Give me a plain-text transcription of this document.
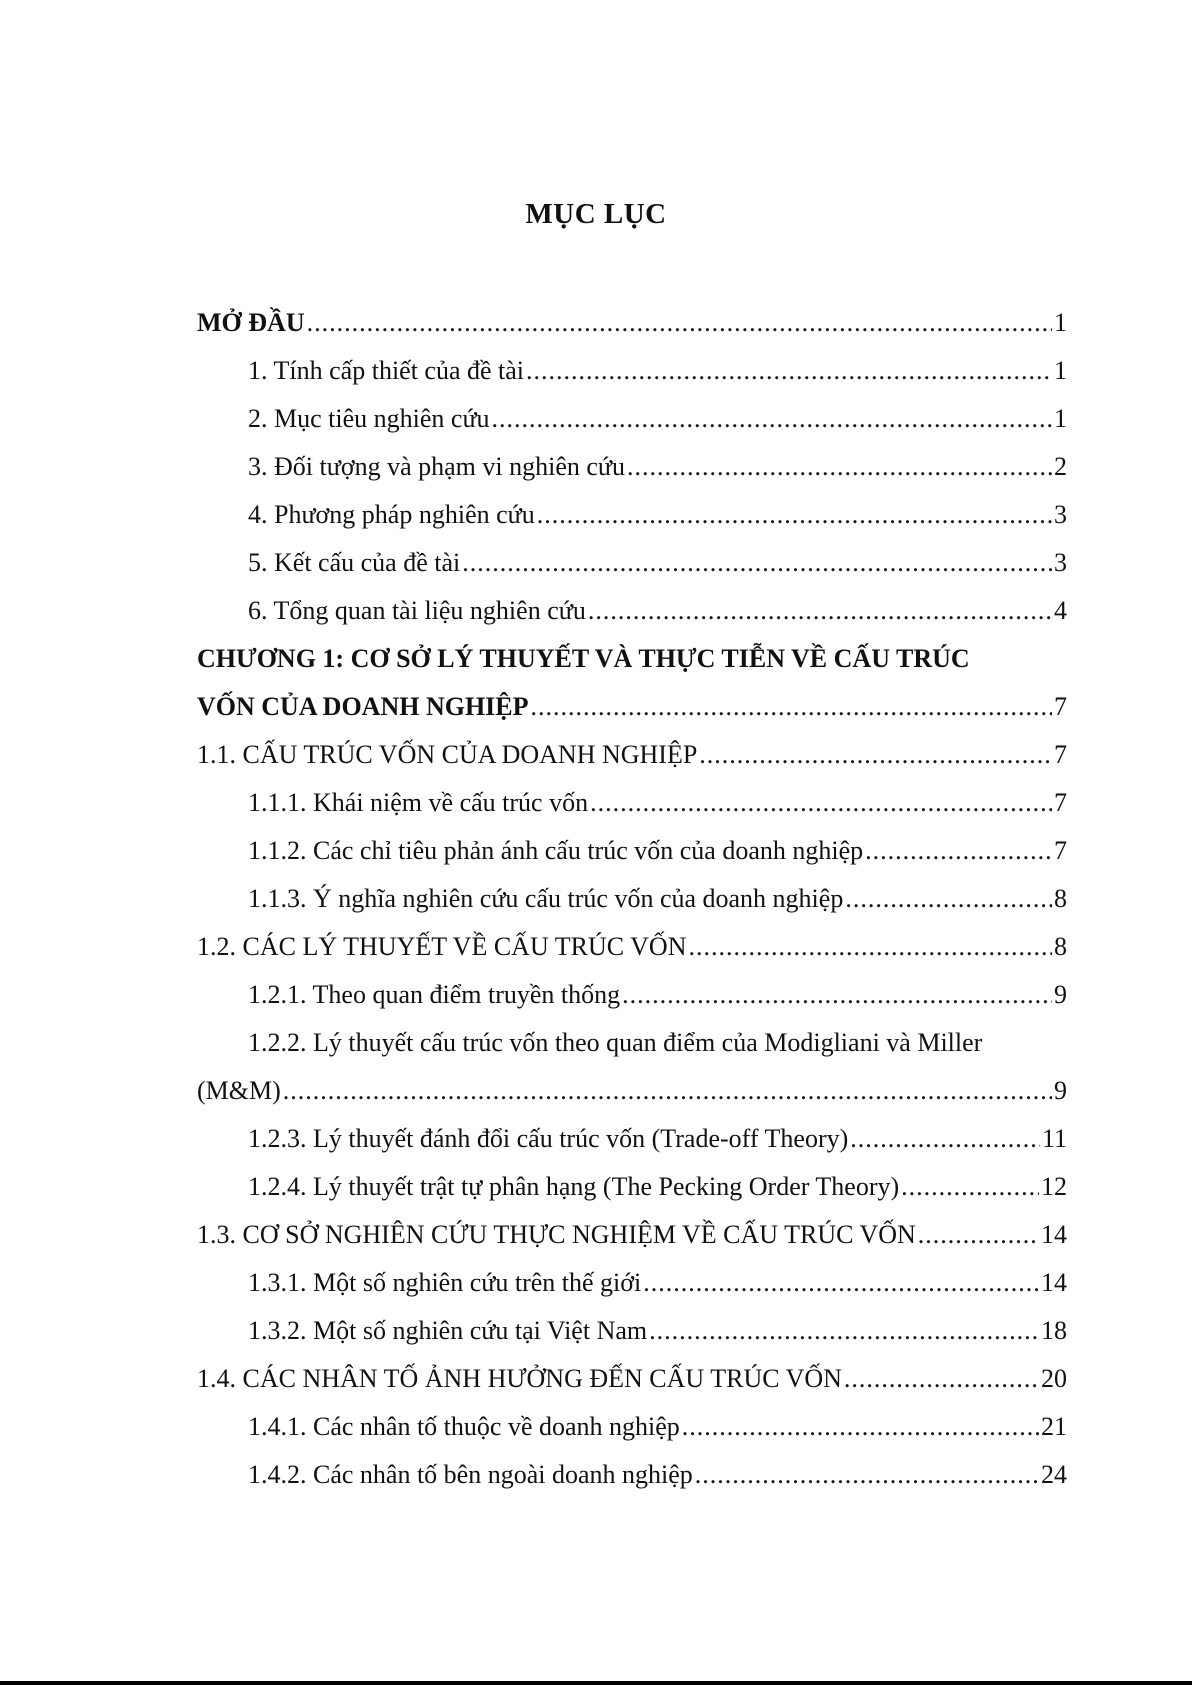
MỤC LỤC
MỞ ĐẦU .....	1
1. Tính cấp thiết của đề tài .....	1
2. Mục tiêu nghiên cứu .....	1
3. Đối tượng và phạm vi nghiên cứu .....	2
4. Phương pháp nghiên cứu .....	3
5. Kết cấu của đề tài .....	3
6. Tổng quan tài liệu nghiên cứu .....	4
CHƯƠNG 1: CƠ SỞ LÝ THUYẾT VÀ THỰC TIỄN VỀ CẤU TRÚC
VỐN CỦA DOANH NGHIỆP .....	7
1.1. CẤU TRÚC VỐN CỦA DOANH NGHIỆP .....	7
1.1.1. Khái niệm về cấu trúc vốn .....	7
1.1.2. Các chỉ tiêu phản ánh cấu trúc vốn của doanh nghiệp .....	7
1.1.3. Ý nghĩa nghiên cứu cấu trúc vốn của doanh nghiệp .....	8
1.2. CÁC LÝ THUYẾT VỀ CẤU TRÚC VỐN .....	8
1.2.1. Theo quan điểm truyền thống .....	9
1.2.2. Lý thuyết cấu trúc vốn theo quan điểm của Modigliani và Miller
(M&M) .....	9
1.2.3. Lý thuyết đánh đổi cấu trúc vốn (Trade-off Theory) .....	11
1.2.4. Lý thuyết trật tự phân hạng (The Pecking Order Theory) .....	12
1.3. CƠ SỞ NGHIÊN CỨU THỰC NGHIỆM VỀ CẤU TRÚC VỐN .....	14
1.3.1. Một số nghiên cứu trên thế giới .....	14
1.3.2. Một số nghiên cứu tại Việt Nam .....	18
1.4. CÁC NHÂN TỐ ẢNH HƯỞNG ĐẾN CẤU TRÚC VỐN .....	20
1.4.1. Các nhân tố thuộc về doanh nghiệp .....	21
1.4.2. Các nhân tố bên ngoài doanh nghiệp .....	24
